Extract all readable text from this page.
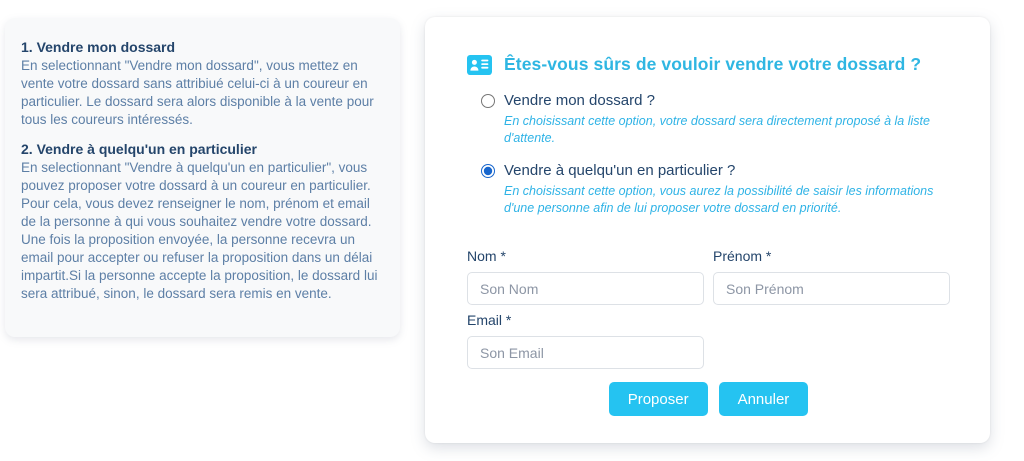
1. Vendre mon dossard

En selectionnant "Vendre mon dossard", vous mettez en vente votre dossard sans attribiué celui-ci à un coureur en particulier. Le dossard sera alors disponible à la vente pour tous les coureurs intéressés.

2. Vendre à quelqu'un en particulier

En selectionnant "Vendre à quelqu'un en particulier", vous pouvez proposer votre dossard à un coureur en particulier. Pour cela, vous devez renseigner le nom, prénom et email de la personne à qui vous souhaitez vendre votre dossard. Une fois la proposition envoyée, la personne recevra un email pour accepter ou refuser la proposition dans un délai impartit.Si la personne accepte la proposition, le dossard lui sera attribué, sinon, le dossard sera remis en vente.

Êtes-vous sûrs de vouloir vendre votre dossard ?
Vendre mon dossard ?
En choisissant cette option, votre dossard sera directement proposé à la liste d'attente.
Vendre à quelqu'un en particulier ?
En choisissant cette option, vous aurez la possibilité de saisir les informations d'une personne afin de lui proposer votre dossard en priorité.
Nom *
Son Nom	Prénom *
Son Prénom
Email *
Son Email
Proposer	Annuler
